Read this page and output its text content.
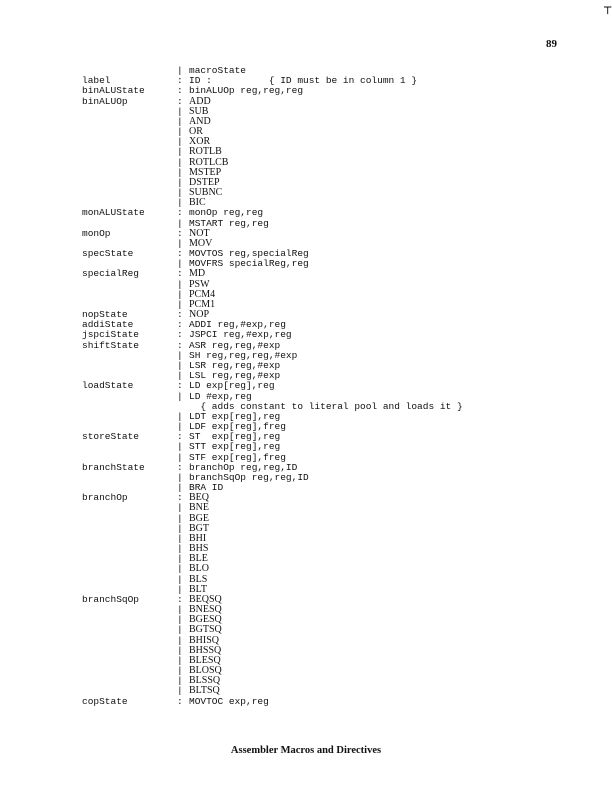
┬
89
| macroState
label	: ID :          { ID must be in column 1 }
binALUState	: binALUOp reg,reg,reg
binALUOp	: ADD
| SUB
| AND
| OR
| XOR
| ROTLB
| ROTLCB
| MSTEP
| DSTEP
| SUBNC
| BIC
monALUState	: monOp reg,reg
| MSTART reg,reg
monOp	: NOT
| MOV
specState	: MOVTOS reg,specialReg
| MOVFRS specialReg,reg
specialReg	: MD
| PSW
| PCM4
| PCM1
nopState	: NOP
addiState	: ADDI reg,#exp,reg
jspciState	: JSPCI reg,#exp,reg
shiftState	: ASR reg,reg,#exp
| SH reg,reg,reg,#exp
| LSR reg,reg,#exp
| LSL reg,reg,#exp
loadState	: LD exp[reg],reg
| LD #exp,reg
{ adds constant to literal pool and loads it }
| LDT exp[reg],reg
| LDF exp[reg],freg
storeState	: ST  exp[reg],reg
| STT exp[reg],reg
| STF exp[reg],freg
branchState	: branchOp reg,reg,ID
| branchSqOp reg,reg,ID
| BRA ID
branchOp	: BEQ
| BNE
| BGE
| BGT
| BHI
| BHS
| BLE
| BLO
| BLS
| BLT
branchSqOp	: BEQSQ
| BNESQ
| BGESQ
| BGTSQ
| BHISQ
| BHSSQ
| BLESQ
| BLOSQ
| BLSSQ
| BLTSQ
copState	: MOVTOC exp,reg
Assembler Macros and Directives
